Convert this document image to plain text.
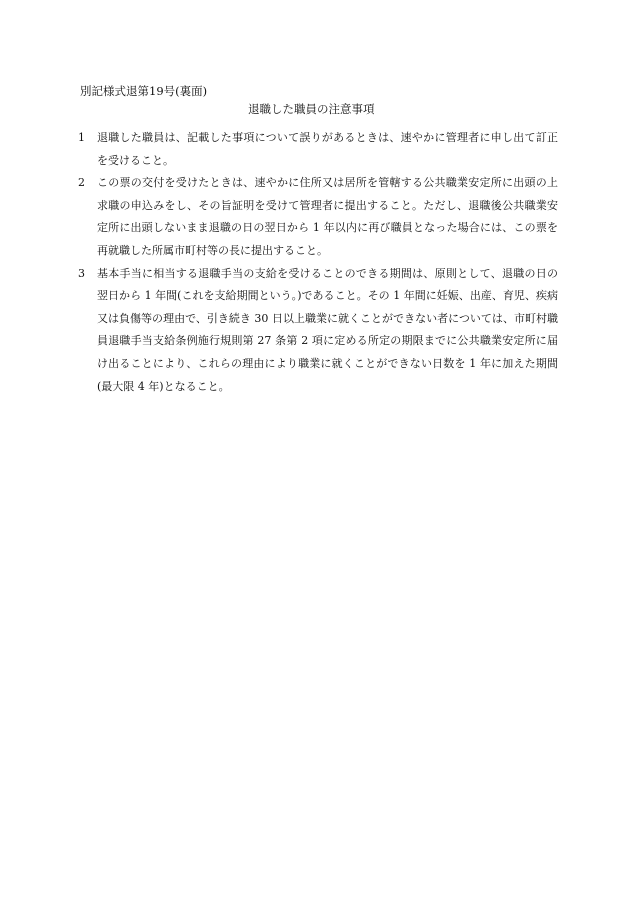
別記様式退第19号(裏面)
退職した職員の注意事項
1 退職した職員は、記載した事項について誤りがあるときは、速やかに管理者に申し出て訂正を受けること。
2 この票の交付を受けたときは、速やかに住所又は居所を管轄する公共職業安定所に出頭の上求職の申込みをし、その旨証明を受けて管理者に提出すること。ただし、退職後公共職業安定所に出頭しないまま退職の日の翌日から 1 年以内に再び職員となった場合には、この票を再就職した所属市町村等の長に提出すること。
3 基本手当に相当する退職手当の支給を受けることのできる期間は、原則として、退職の日の翌日から 1 年間(これを支給期間という。)であること。その 1 年間に妊娠、出産、育児、疾病又は負傷等の理由で、引き続き 30 日以上職業に就くことができない者については、市町村職員退職手当支給条例施行規則第 27 条第 2 項に定める所定の期限までに公共職業安定所に届け出ることにより、これらの理由により職業に就くことができない日数を 1 年に加えた期間(最大限 4 年)となること。
